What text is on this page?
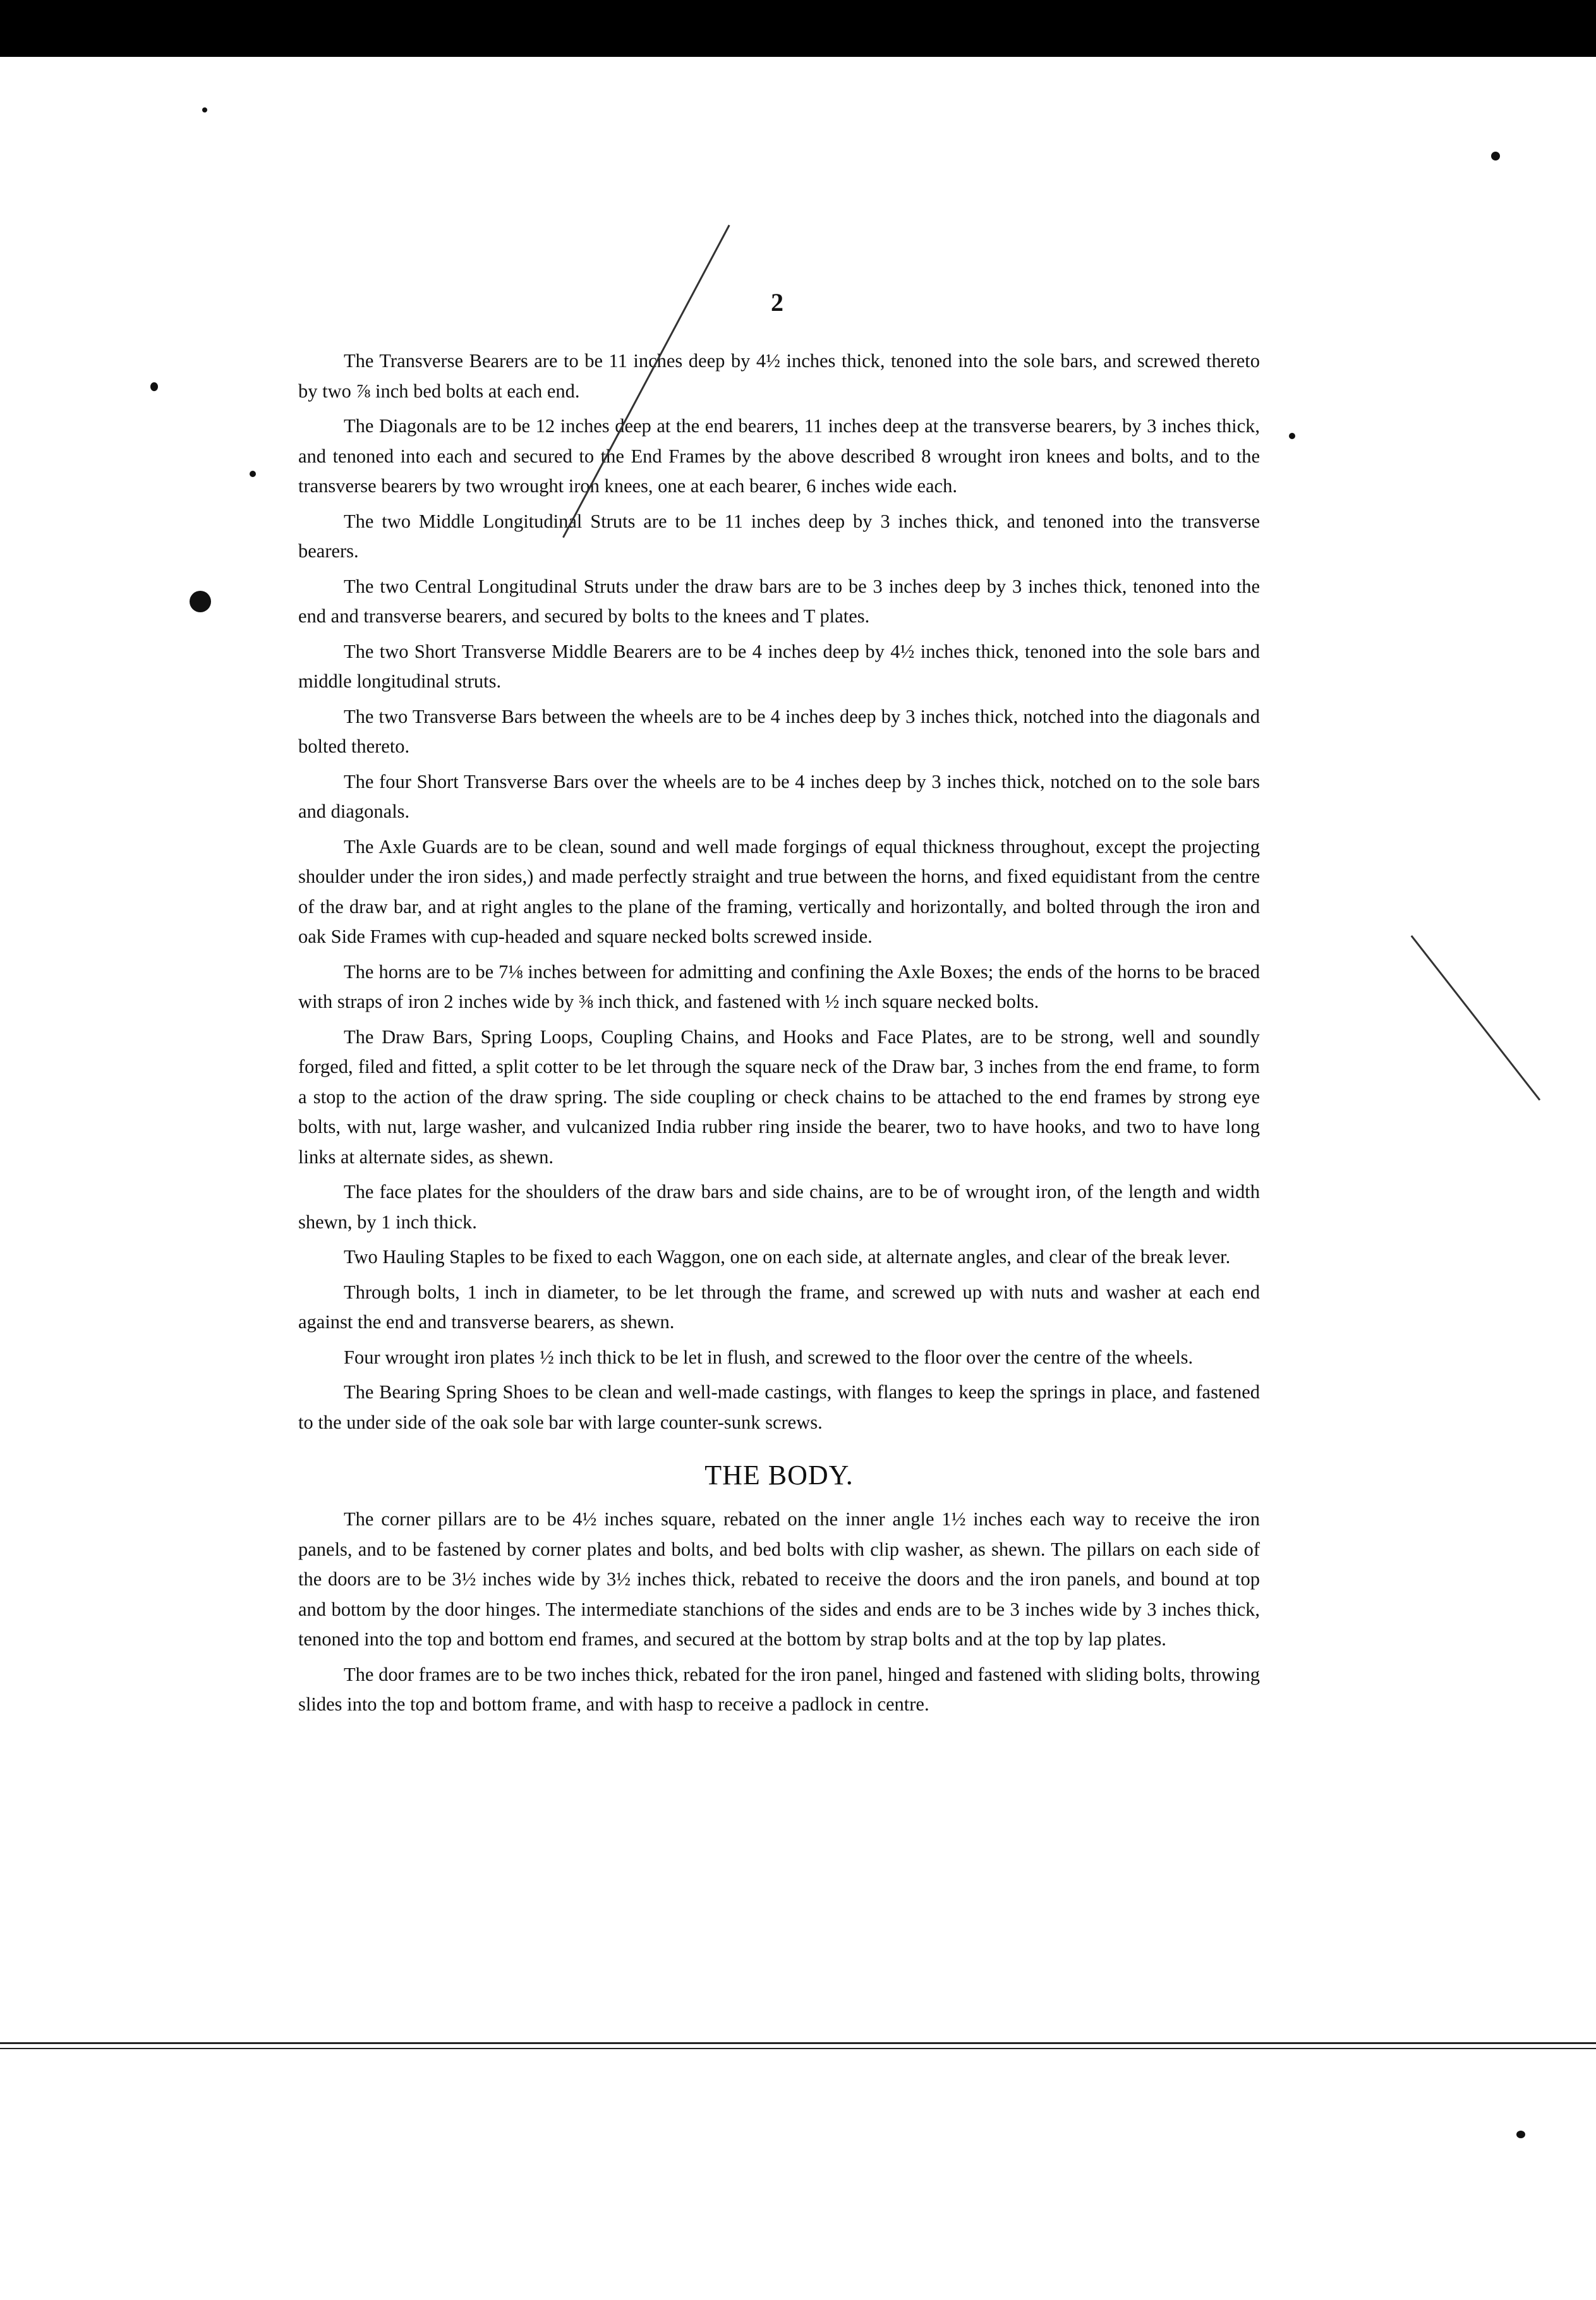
2

The Transverse Bearers are to be 11 inches deep by 4½ inches thick, tenoned into the sole bars, and screwed thereto by two ⅞ inch bed bolts at each end.

The Diagonals are to be 12 inches deep at the end bearers, 11 inches deep at the transverse bearers, by 3 inches thick, and tenoned into each and secured to the End Frames by the above described 8 wrought iron knees and bolts, and to the transverse bearers by two wrought iron knees, one at each bearer, 6 inches wide each.

The two Middle Longitudinal Struts are to be 11 inches deep by 3 inches thick, and tenoned into the transverse bearers.

The two Central Longitudinal Struts under the draw bars are to be 3 inches deep by 3 inches thick, tenoned into the end and transverse bearers, and secured by bolts to the knees and T plates.

The two Short Transverse Middle Bearers are to be 4 inches deep by 4½ inches thick, tenoned into the sole bars and middle longitudinal struts.

The two Transverse Bars between the wheels are to be 4 inches deep by 3 inches thick, notched into the diagonals and bolted thereto.

The four Short Transverse Bars over the wheels are to be 4 inches deep by 3 inches thick, notched on to the sole bars and diagonals.

The Axle Guards are to be clean, sound and well made forgings of equal thickness throughout, except the projecting shoulder under the iron sides,) and made perfectly straight and true between the horns, and fixed equidistant from the centre of the draw bar, and at right angles to the plane of the framing, vertically and horizontally, and bolted through the iron and oak Side Frames with cup-headed and square necked bolts screwed inside.

The horns are to be 7⅛ inches between for admitting and confining the Axle Boxes; the ends of the horns to be braced with straps of iron 2 inches wide by ⅜ inch thick, and fastened with ½ inch square necked bolts.

The Draw Bars, Spring Loops, Coupling Chains, and Hooks and Face Plates, are to be strong, well and soundly forged, filed and fitted, a split cotter to be let through the square neck of the Draw bar, 3 inches from the end frame, to form a stop to the action of the draw spring. The side coupling or check chains to be attached to the end frames by strong eye bolts, with nut, large washer, and vulcanized India rubber ring inside the bearer, two to have hooks, and two to have long links at alternate sides, as shewn.

The face plates for the shoulders of the draw bars and side chains, are to be of wrought iron, of the length and width shewn, by 1 inch thick.

Two Hauling Staples to be fixed to each Waggon, one on each side, at alternate angles, and clear of the break lever.

Through bolts, 1 inch in diameter, to be let through the frame, and screwed up with nuts and washer at each end against the end and transverse bearers, as shewn.

Four wrought iron plates ½ inch thick to be let in flush, and screwed to the floor over the centre of the wheels.

The Bearing Spring Shoes to be clean and well-made castings, with flanges to keep the springs in place, and fastened to the under side of the oak sole bar with large counter-sunk screws.

THE BODY.

The corner pillars are to be 4½ inches square, rebated on the inner angle 1½ inches each way to receive the iron panels, and to be fastened by corner plates and bolts, and bed bolts with clip washer, as shewn. The pillars on each side of the doors are to be 3½ inches wide by 3½ inches thick, rebated to receive the doors and the iron panels, and bound at top and bottom by the door hinges. The intermediate stanchions of the sides and ends are to be 3 inches wide by 3 inches thick, tenoned into the top and bottom end frames, and secured at the bottom by strap bolts and at the top by lap plates.

The door frames are to be two inches thick, rebated for the iron panel, hinged and fastened with sliding bolts, throwing slides into the top and bottom frame, and with hasp to receive a padlock in centre.
